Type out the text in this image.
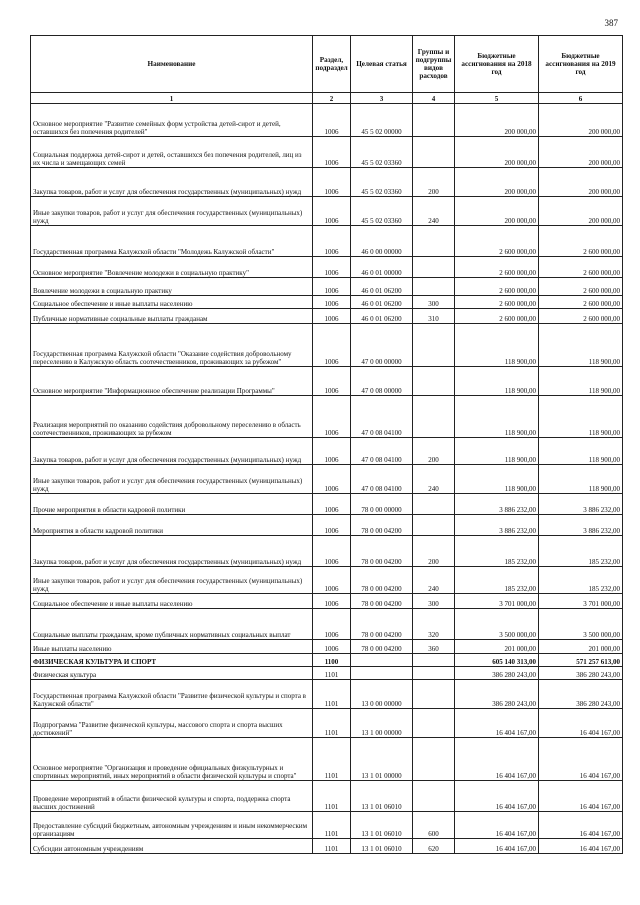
387
Наименование	Раздел, подраздел	Целевая статья	Группы и подгруппы видов расходов	Бюджетные ассигнования на 2018 год	Бюджетные ассигнования на 2019 год
1	2	3	4	5	6
Основное мероприятие "Развитие семейных форм устройства детей-сирот и детей, оставшихся без попечения родителей"	1006	45 5 02 00000		200 000,00	200 000,00
Социальная поддержка детей-сирот и детей, оставшихся без попечения родителей, лиц из их числа и замещающих семей	1006	45 5 02 03360		200 000,00	200 000,00
Закупка товаров, работ и услуг для обеспечения государственных (муниципальных) нужд	1006	45 5 02 03360	200	200 000,00	200 000,00
Иные закупки товаров, работ и услуг для обеспечения государственных (муниципальных) нужд	1006	45 5 02 03360	240	200 000,00	200 000,00
Государственная программа Калужской области "Молодежь Калужской области"	1006	46 0 00 00000		2 600 000,00	2 600 000,00
Основное мероприятие "Вовлечение молодежи в социальную практику"	1006	46 0 01 00000		2 600 000,00	2 600 000,00
Вовлечение молодежи в социальную практику	1006	46 0 01 06200		2 600 000,00	2 600 000,00
Социальное обеспечение и иные выплаты населению	1006	46 0 01 06200	300	2 600 000,00	2 600 000,00
Публичные нормативные социальные выплаты гражданам	1006	46 0 01 06200	310	2 600 000,00	2 600 000,00
Государственная программа Калужской области "Оказание содействия добровольному переселению в Калужскую область соотечественников, проживающих за рубежом"	1006	47 0 00 00000		118 900,00	118 900,00
Основное мероприятие "Информационное обеспечение реализации Программы"	1006	47 0 08 00000		118 900,00	118 900,00
Реализация мероприятий по оказанию содействия добровольному переселению в область соотечественников, проживающих за рубежом	1006	47 0 08 04100		118 900,00	118 900,00
Закупка товаров, работ и услуг для обеспечения государственных (муниципальных) нужд	1006	47 0 08 04100	200	118 900,00	118 900,00
Иные закупки товаров, работ и услуг для обеспечения государственных (муниципальных) нужд	1006	47 0 08 04100	240	118 900,00	118 900,00
Прочие мероприятия в области кадровой политики	1006	78 0 00 00000		3 886 232,00	3 886 232,00
Мероприятия в области кадровой политики	1006	78 0 00 04200		3 886 232,00	3 886 232,00
Закупка товаров, работ и услуг для обеспечения государственных (муниципальных) нужд	1006	78 0 00 04200	200	185 232,00	185 232,00
Иные закупки товаров, работ и услуг для обеспечения государственных (муниципальных) нужд	1006	78 0 00 04200	240	185 232,00	185 232,00
Социальное обеспечение и иные выплаты населению	1006	78 0 00 04200	300	3 701 000,00	3 701 000,00
Социальные выплаты гражданам, кроме публичных нормативных социальных выплат	1006	78 0 00 04200	320	3 500 000,00	3 500 000,00
Иные выплаты населению	1006	78 0 00 04200	360	201 000,00	201 000,00
ФИЗИЧЕСКАЯ КУЛЬТУРА И СПОРТ	1100			605 140 313,00	571 257 613,00
Физическая культура	1101			386 280 243,00	386 280 243,00
Государственная программа Калужской области "Развитие физической культуры и спорта в Калужской области"	1101	13 0 00 00000		386 280 243,00	386 280 243,00
Подпрограмма "Развитие физической культуры, массового спорта и спорта высших достижений"	1101	13 1 00 00000		16 404 167,00	16 404 167,00
Основное мероприятие "Организация и проведение официальных физкультурных и спортивных мероприятий, иных мероприятий в области физической культуры и спорта"	1101	13 1 01 00000		16 404 167,00	16 404 167,00
Проведение мероприятий в области физической культуры и спорта, поддержка спорта высших достижений	1101	13 1 01 06010		16 404 167,00	16 404 167,00
Предоставление субсидий бюджетным, автономным учреждениям и иным некоммерческим организациям	1101	13 1 01 06010	600	16 404 167,00	16 404 167,00
Субсидии автономным учреждениям	1101	13 1 01 06010	620	16 404 167,00	16 404 167,00
